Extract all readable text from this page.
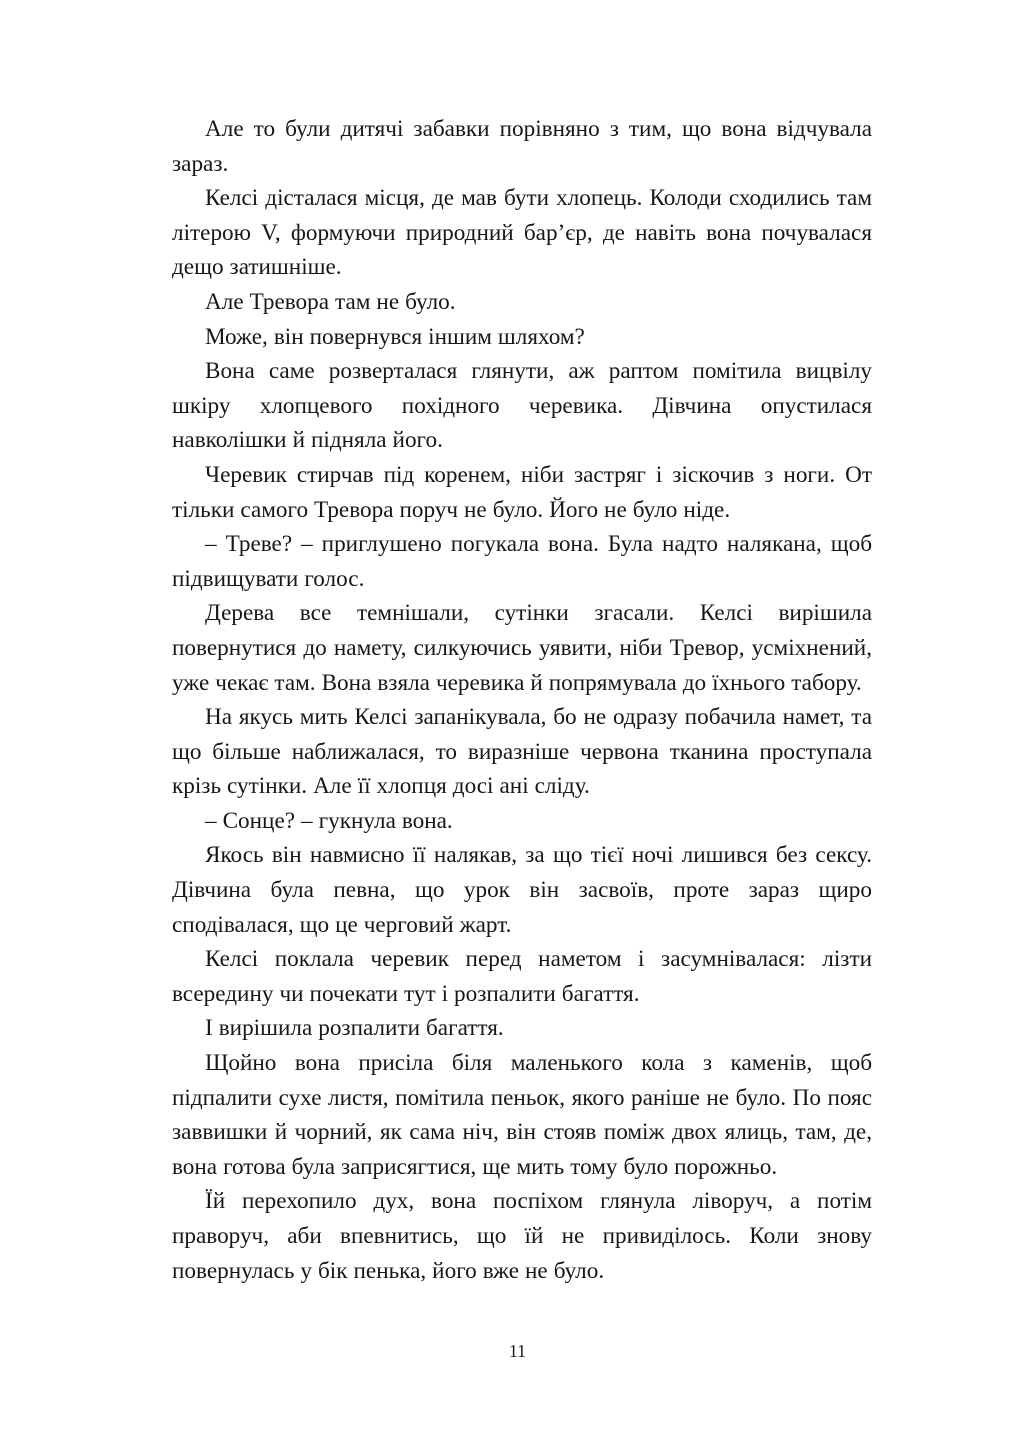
Але то були дитячі забавки порівняно з тим, що вона відчувала зараз.

Келсі дісталася місця, де мав бути хлопець. Колоди сходились там літерою V, формуючи природний бар’єр, де навіть вона почувалася дещо затишніше.

Але Тревора там не було.

Може, він повернувся іншим шляхом?

Вона саме розверталася глянути, аж раптом помітила вицвілу шкіру хлопцевого похідного черевика. Дівчина опустилася навколішки й підняла його.

Черевик стирчав під коренем, ніби застряг і зіскочив з ноги. От тільки самого Тревора поруч не було. Його не було ніде.

– Треве? – приглушено погукала вона. Була надто налякана, щоб підвищувати голос.

Дерева все темнішали, сутінки згасали. Келсі вирішила повернутися до намету, силкуючись уявити, ніби Тревор, усміхнений, уже чекає там. Вона взяла черевика й попрямувала до їхнього табору.

На якусь мить Келсі запанікувала, бо не одразу побачила намет, та що більше наближалася, то виразніше червона тканина проступала крізь сутінки. Але її хлопця досі ані сліду.

– Сонце? – гукнула вона.

Якось він навмисно її налякав, за що тієї ночі лишився без сексу. Дівчина була певна, що урок він засвоїв, проте зараз щиро сподівалася, що це черговий жарт.

Келсі поклала черевик перед наметом і засумнівалася: лізти всередину чи почекати тут і розпалити багаття.

І вирішила розпалити багаття.

Щойно вона присіла біля маленького кола з каменів, щоб підпалити сухе листя, помітила пеньок, якого раніше не було. По пояс заввишки й чорний, як сама ніч, він стояв поміж двох ялиць, там, де, вона готова була заприсягтися, ще мить тому було порожньо.

Їй перехопило дух, вона поспіхом глянула ліворуч, а потім праворуч, аби впевнитись, що їй не привиділось. Коли знову повернулась у бік пенька, його вже не було.

11
